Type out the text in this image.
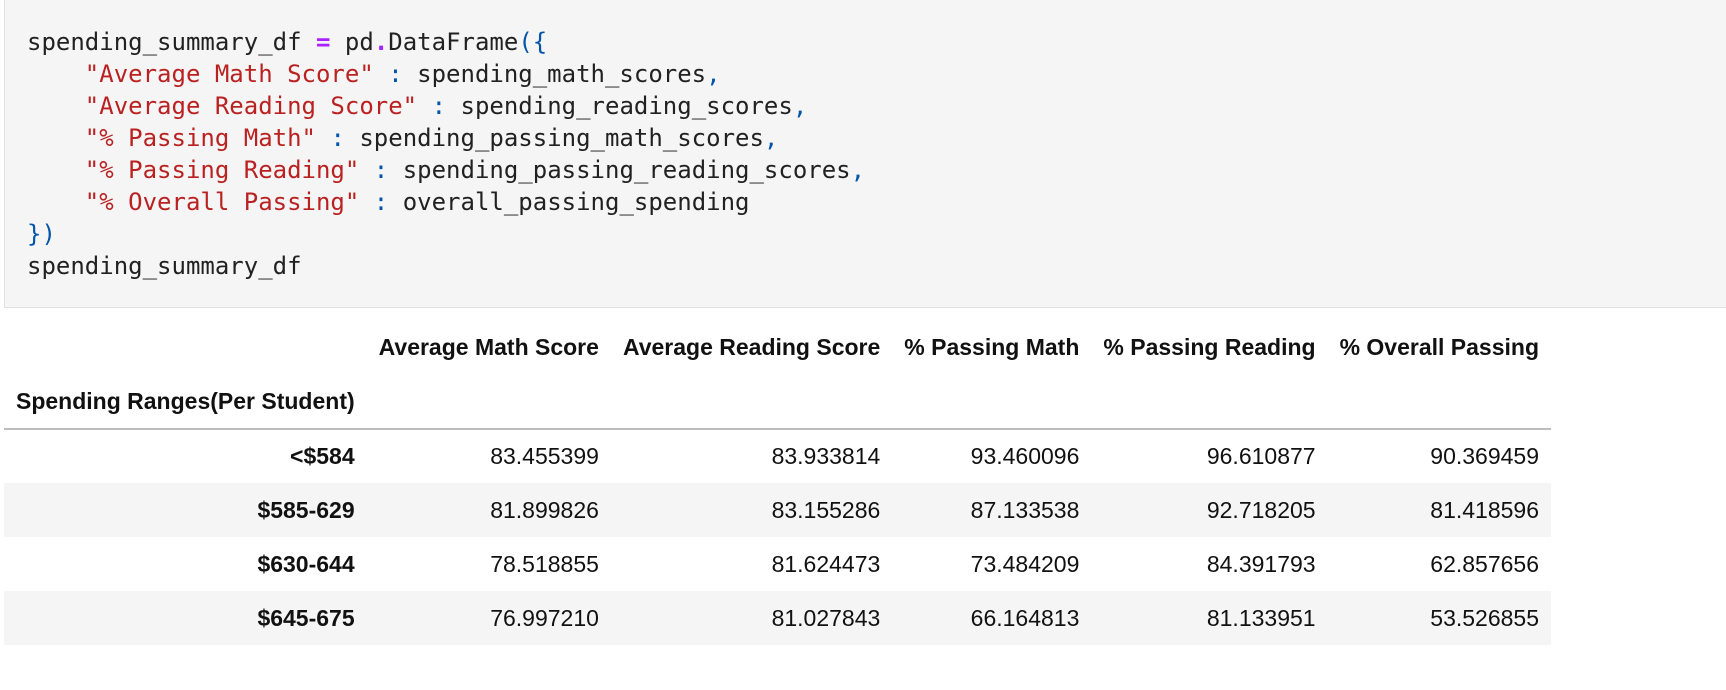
spending_summary_df = pd.DataFrame({
"Average Math Score" : spending_math_scores,
"Average Reading Score" : spending_reading_scores,
"% Passing Math" : spending_passing_math_scores,
"% Passing Reading" : spending_passing_reading_scores,
"% Overall Passing" : overall_passing_spending
})
spending_summary_df
	Average Math Score	Average Reading Score	% Passing Math	% Passing Reading	% Overall Passing
Spending Ranges(Per Student)					
<$584	83.455399	83.933814	93.460096	96.610877	90.369459
$585-629	81.899826	83.155286	87.133538	92.718205	81.418596
$630-644	78.518855	81.624473	73.484209	84.391793	62.857656
$645-675	76.997210	81.027843	66.164813	81.133951	53.526855
